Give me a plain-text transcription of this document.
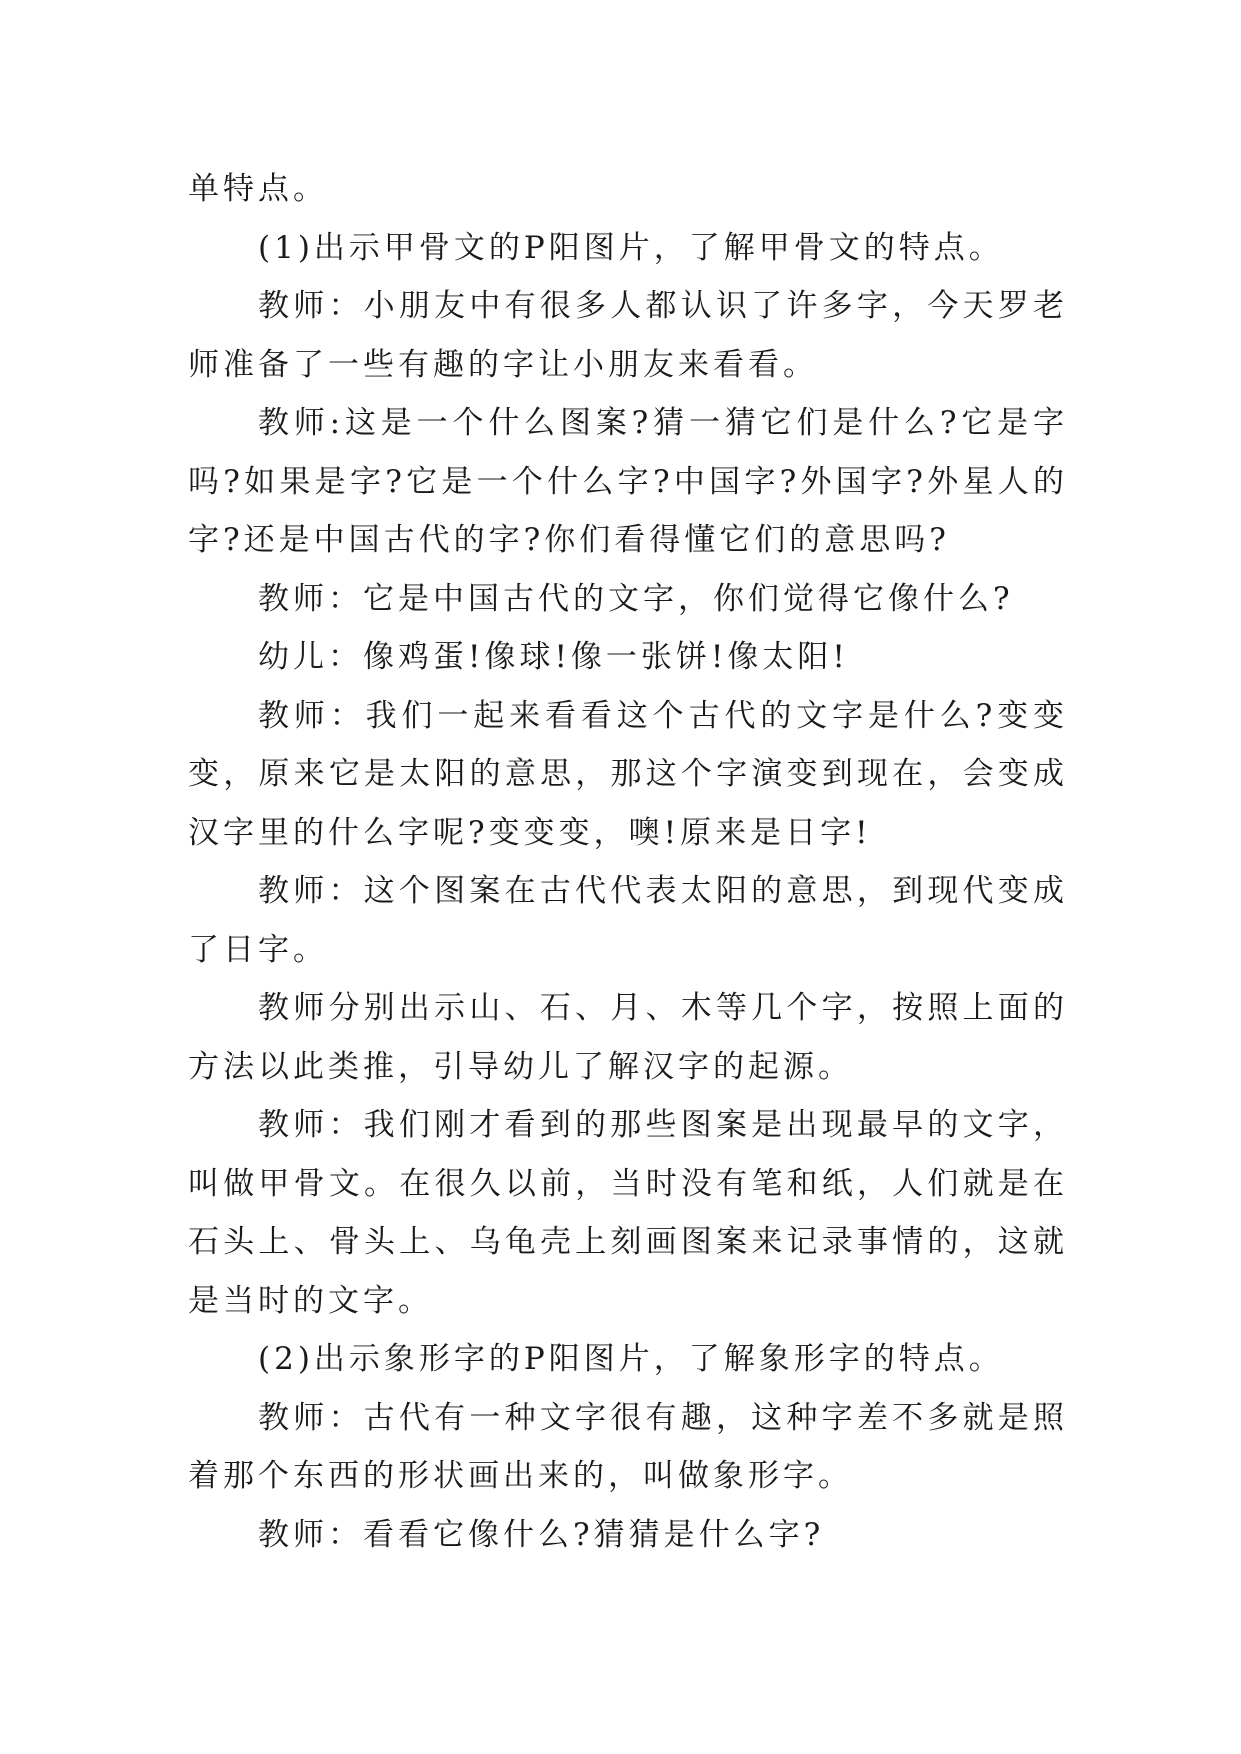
单特点。

(1)出示甲骨文的P阳图片，了解甲骨文的特点。

教师：小朋友中有很多人都认识了许多字，今天罗老师准备了一些有趣的字让小朋友来看看。

教师:这是一个什么图案?猜一猜它们是什么?它是字吗?如果是字?它是一个什么字?中国字?外国字?外星人的字?还是中国古代的字?你们看得懂它们的意思吗?

教师：它是中国古代的文字，你们觉得它像什么?

幼儿：像鸡蛋!像球!像一张饼!像太阳!

教师：我们一起来看看这个古代的文字是什么?变变变，原来它是太阳的意思，那这个字演变到现在，会变成汉字里的什么字呢?变变变，噢!原来是日字!

教师：这个图案在古代代表太阳的意思，到现代变成了日字。

教师分别出示山、石、月、木等几个字，按照上面的方法以此类推，引导幼儿了解汉字的起源。

教师：我们刚才看到的那些图案是出现最早的文字，叫做甲骨文。在很久以前，当时没有笔和纸，人们就是在石头上、骨头上、乌龟壳上刻画图案来记录事情的，这就是当时的文字。

(2)出示象形字的P阳图片，了解象形字的特点。

教师：古代有一种文字很有趣，这种字差不多就是照着那个东西的形状画出来的，叫做象形字。

教师：看看它像什么?猜猜是什么字?
